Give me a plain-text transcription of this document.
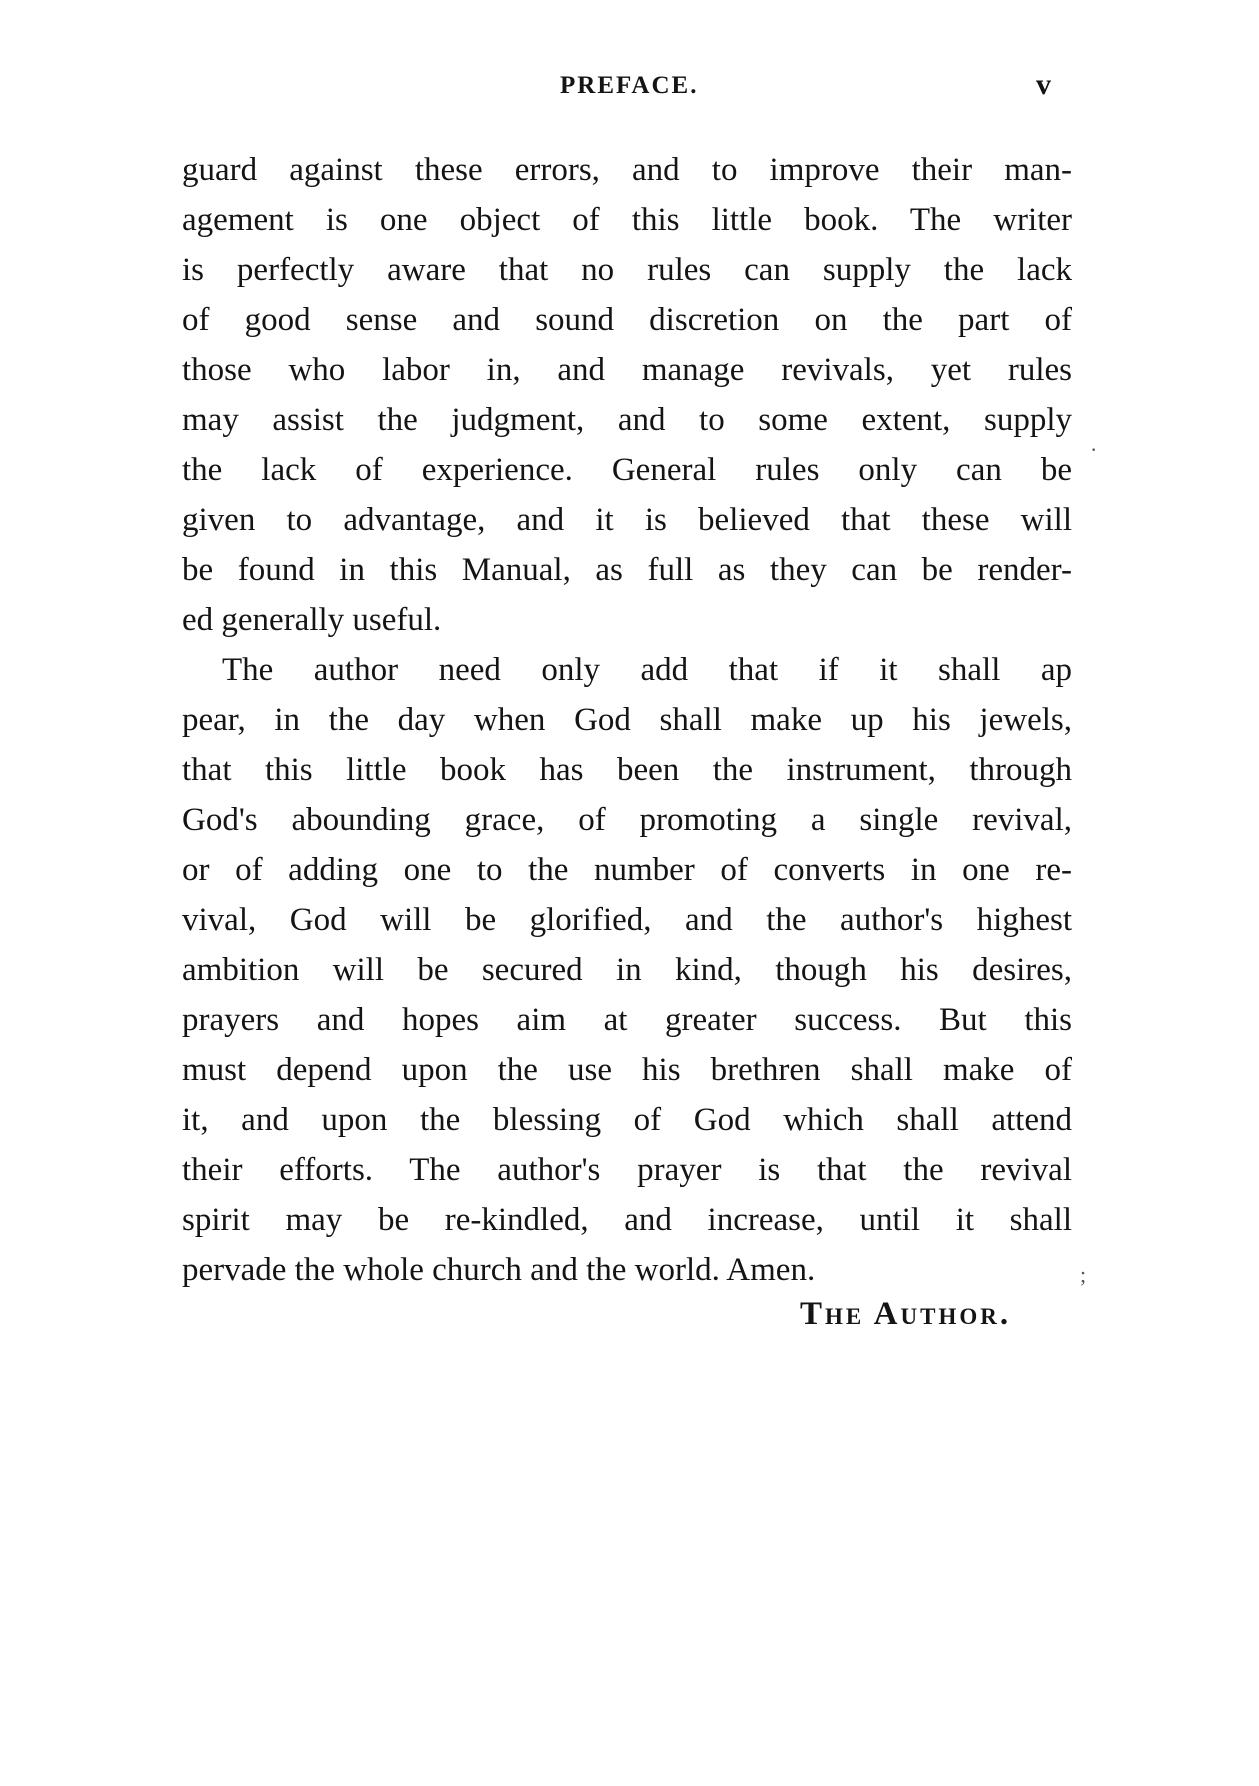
PREFACE.	v
guard against these errors, and to improve their man-
agement is one object of this little book. The writer
is perfectly aware that no rules can supply the lack
of good sense and sound discretion on the part of
those who labor in, and manage revivals, yet rules
may assist the judgment, and to some extent, supply
the lack of experience. General rules only can be
given to advantage, and it is believed that these will
be found in this Manual, as full as they can be render-
ed generally useful.
The author need only add that if it shall ap
pear, in the day when God shall make up his jewels,
that this little book has been the instrument, through
God's abounding grace, of promoting a single revival,
or of adding one to the number of converts in one re-
vival, God will be glorified, and the author's highest
ambition will be secured in kind, though his desires,
prayers and hopes aim at greater success. But this
must depend upon the use his brethren shall make of
it, and upon the blessing of God which shall attend
their efforts. The author's prayer is that the revival
spirit may be re-kindled, and increase, until it shall
pervade the whole church and the world. Amen.
·
;
The Author.
